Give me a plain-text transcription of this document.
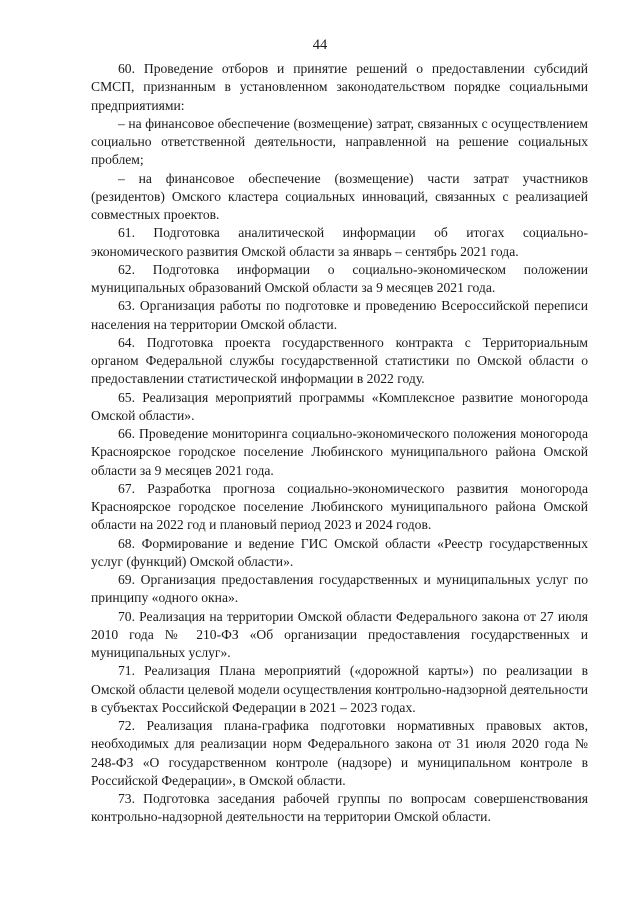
44

60. Проведение отборов и принятие решений о предоставлении субсидий СМСП, признанным в установленном законодательством порядке социальными предприятиями:

– на финансовое обеспечение (возмещение) затрат, связанных с осуществлением социально ответственной деятельности, направленной на решение социальных проблем;

– на финансовое обеспечение (возмещение) части затрат участников (резидентов) Омского кластера социальных инноваций, связанных с реализацией совместных проектов.

61. Подготовка аналитической информации об итогах социально-экономического развития Омской области за январь – сентябрь 2021 года.

62. Подготовка информации о социально-экономическом положении муниципальных образований Омской области за 9 месяцев 2021 года.

63. Организация работы по подготовке и проведению Всероссийской переписи населения на территории Омской области.

64. Подготовка проекта государственного контракта с Территориальным органом Федеральной службы государственной статистики по Омской области о предоставлении статистической информации в 2022 году.

65. Реализация мероприятий программы «Комплексное развитие моногорода Омской области».

66. Проведение мониторинга социально-экономического положения моногорода Красноярское городское поселение Любинского муниципального района Омской области за 9 месяцев 2021 года.

67. Разработка прогноза социально-экономического развития моногорода Красноярское городское поселение Любинского муниципального района Омской области на 2022 год и плановый период 2023 и 2024 годов.

68. Формирование и ведение ГИС Омской области «Реестр государственных услуг (функций) Омской области».

69. Организация предоставления государственных и муниципальных услуг по принципу «одного окна».

70. Реализация на территории Омской области Федерального закона от 27 июля 2010 года № 210-ФЗ «Об организации предоставления государственных и муниципальных услуг».

71. Реализация Плана мероприятий («дорожной карты») по реализации в Омской области целевой модели осуществления контрольно-надзорной деятельности в субъектах Российской Федерации в 2021 – 2023 годах.

72. Реализация плана-графика подготовки нормативных правовых актов, необходимых для реализации норм Федерального закона от 31 июля 2020 года № 248-ФЗ «О государственном контроле (надзоре) и муниципальном контроле в Российской Федерации», в Омской области.

73. Подготовка заседания рабочей группы по вопросам совершенствования контрольно-надзорной деятельности на территории Омской области.
